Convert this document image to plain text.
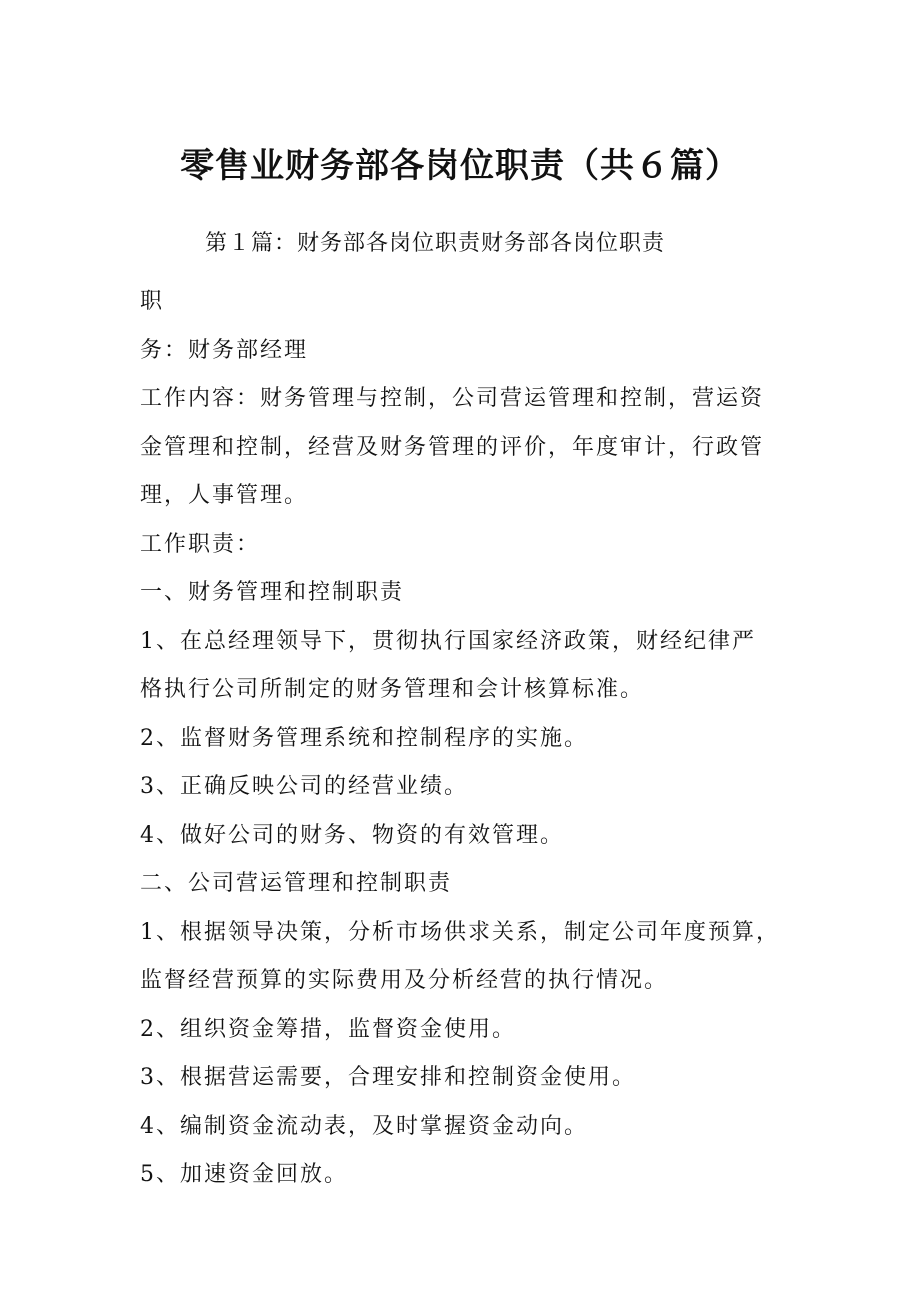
零售业财务部各岗位职责（共６篇）

第１篇：财务部各岗位职责财务部各岗位职责

职
务：财务部经理
工作内容：财务管理与控制，公司营运管理和控制，营运资
金管理和控制，经营及财务管理的评价，年度审计，行政管
理，人事管理。
工作职责：
一、财务管理和控制职责
1、在总经理领导下，贯彻执行国家经济政策，财经纪律严
格执行公司所制定的财务管理和会计核算标准。
2、监督财务管理系统和控制程序的实施。
3、正确反映公司的经营业绩。
4、做好公司的财务、物资的有效管理。
二、公司营运管理和控制职责
1、根据领导决策，分析市场供求关系，制定公司年度预算，
监督经营预算的实际费用及分析经营的执行情况。
2、组织资金筹措，监督资金使用。
3、根据营运需要，合理安排和控制资金使用。
4、编制资金流动表，及时掌握资金动向。
5、加速资金回放。
